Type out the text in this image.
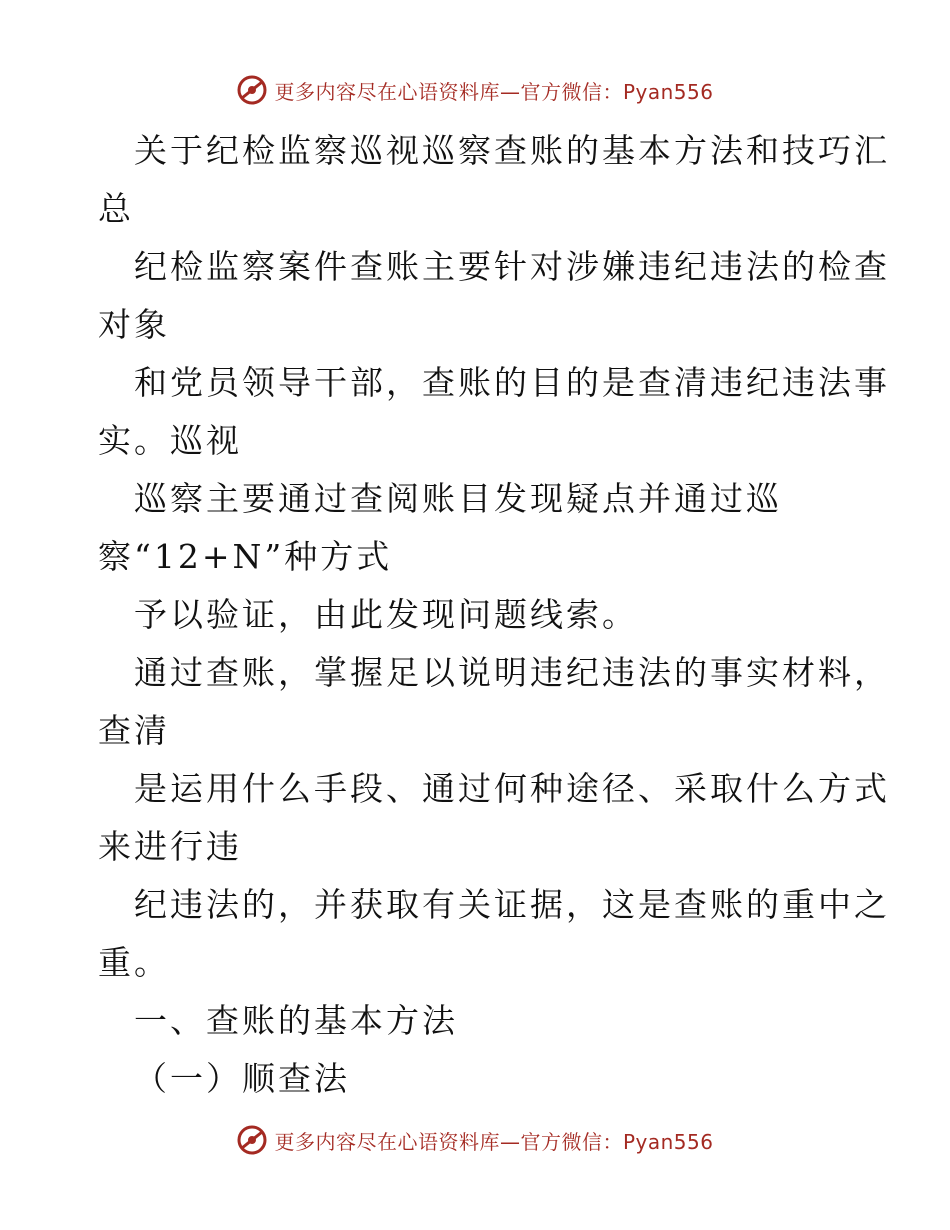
更多内容尽在心语资料库—官方微信：Pyan556
关于纪检监察巡视巡察查账的基本方法和技巧汇
总
纪检监察案件查账主要针对涉嫌违纪违法的检查
对象
和党员领导干部，查账的目的是查清违纪违法事
实。巡视
巡察主要通过查阅账目发现疑点并通过巡
察“12+N”种方式
予以验证，由此发现问题线索。
通过查账，掌握足以说明违纪违法的事实材料，
查清
是运用什么手段、通过何种途径、采取什么方式
来进行违
纪违法的，并获取有关证据，这是查账的重中之
重。
一、查账的基本方法
（一）顺查法
更多内容尽在心语资料库—官方微信：Pyan556
